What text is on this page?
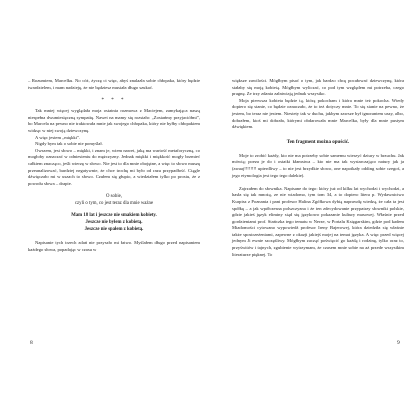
– Rozumiem, Marcelku. No cóż, życzę ci więc, abyś znalazła sobie chłopaka, który będzie twardzielem, i mam nadzieję, że nie będziesz musiała długo szukać.

* * *

Tak mniej więcej wyglądała moja ostatnia rozmowa z Maciejem, zamykająca naszą niespełna dwumiesięczną sympatię. Nawet na mamy się rozstało: „Zostańmy przyjaciółmi”, bo Marcela na pewno nie traktowała mnie jak swojego chłopaka, który nie byłby chłopakiem widząc w niej swoją dziewczynę.

A więc jestem „miękki”.

Nigdy bym tak o sobie nie pomyślał.

Owszem, jest słowo – miękki, i znam je, wiem nawet, jaką ma wartość metaforyczną, co mogłoby oznaczać w odniesieniu do mężczyzny. Jednak miękki i miękkość mogły brzmieć całkiem znacząco, jeśli wierzę w słowo. Nie jest to dla mnie obojętne, a więc to słowo muszę przeanalizować, bardziej negatywnie, że chce trochę mi było od razu przypadłość. Ciągle dźwięczało mi w uszach to słowo. Czułem się głupio, a wiedziałem tylko po prostu, że z powodu słowa – drapie.

O sobie,
czyli o tym, co jest teraz dla mnie ważne
Mam 18 lat i jeszcze nie smakiem kobiety.
Jeszcze nie byłem z kobietą.
Jeszcze nie spałem z kobietą.

Napisanie tych trzech zdań nie przyszło mi łatwo. Myślałem długo przed napisaniem każdego słowa, popadając w czasu w

większe zawilości. Mógłbym pisać o tym, jak bardzo chcę pocałować dziewczynę, która stałaby się moją kobietą. Mógłbym wyliczać, co pod tym względem mi potrzeba, czego pragnę. Ze trzy zdania załatwiają jednak wszystko.

Moja pierwsza kobieta będzie tą, którą pokocham i która mnie też pokocha. Wtedy dopiero się stanie, co będzie oznaczało, że to też dotyczy mnie. To się stanie na pewno, że jestem, bo teraz nie jestem. Niestety tak w duchu, jakbym zawsze był ignorantem uszy, albo, dobrałem, ktoś mi dobrała, którymi obdarowała mnie Marcelka, były dla mnie pustym dźwiękiem.

Ten fragment można opuścić.

Moje to zrobić każdy, kto nie ma potrzeby sobie samemu wierzyć dziury w brzuchu. Jak mówią; poeza je do i ostatki kłamstwa – kto nie ma tak wystarczająco natury jak ja (awaaj!!!!!!!! upierdliwy – to nie jest brzydkie słowo, one napotkały odding sobie czegoś, a jego etymologia jest tego tego dalekie).

Zajrzałem do słownika. Napisane do tego: który już od kilku lat wychodzi i wychodzi, a hasła się tak mnożą, ze nie wiadomo, tym tom 34, a to dopiero litera p. Wydawnictwo Kurpisz z Poznania i pani profesor Halina Zgółkowa dybią naprawdę wiedzą, że cała ta jest spółkę – a jak wpółczesna polszczyzna i że ten zdecydowanie przypatrzy słowniki polskie, gdzie jakieś język eliminy stąd się językowo pokazanie kultury masowej. Właśnie przed gordzieniami prof. Stańczka tego tematu w Nerze, w Portalu Księgarskim, gdzie pod kadem Miadomości cytowano wypowiedź profesor Ireny Bajerowej, która dziedziła się właśnie także spostrzeżeniami, zapewne z okazji jakiejś mojej na temat języka. A więc przed więcej jednym Ji ewnie szczęśliwy. Mógłbym zacząć poświęcić go każdą i rodzinę, tylko oraz to, przyświtów i tajnych, zgubienie wytrzymam, że czasem mnie sobie na aż przede wszystkim literaturze pięknej. To

8	9
